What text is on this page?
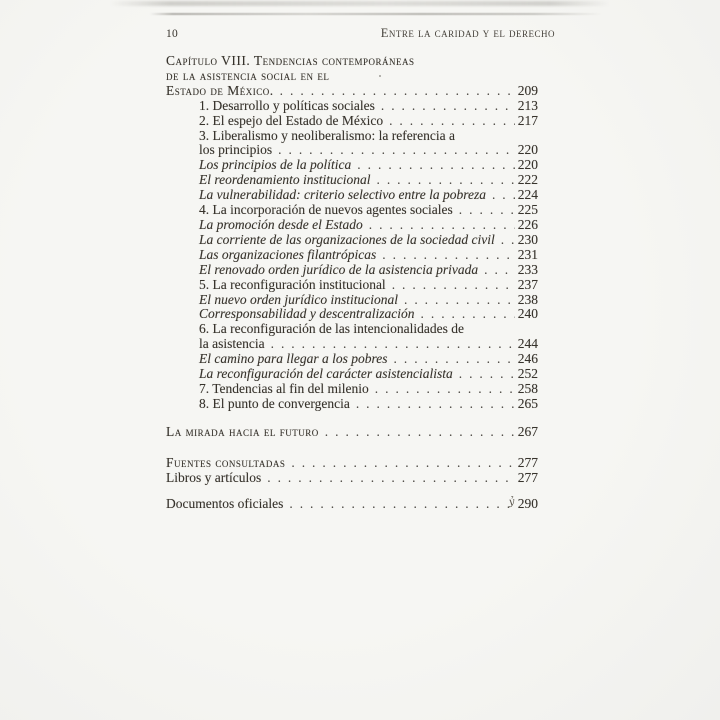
10	Entre la caridad y el derecho
Capítulo VIII. Tendencias contemporáneas
de la asistencia social en el
Estado de México. . . .	209
1. Desarrollo y políticas sociales . . .	213
2. El espejo del Estado de México . . .	217
3. Liberalismo y neoliberalismo: la referencia a
los principios . . .	220
Los principios de la política . . .	220
El reordenamiento institucional . . .	222
La vulnerabilidad: criterio selectivo entre la pobreza . . . 224
4. La incorporación de nuevos agentes sociales . . .	225
La promoción desde el Estado . . .	226
La corriente de las organizaciones de la sociedad civil . . . 230
Las organizaciones filantrópicas . . .	231
El renovado orden jurídico de la asistencia privada . . .	233
5. La reconfiguración institucional . . .	237
El nuevo orden jurídico institucional . . .	238
Corresponsabilidad y descentralización . . .	240
6. La reconfiguración de las intencionalidades de
la asistencia . . .	244
El camino para llegar a los pobres . . .	246
La reconfiguración del carácter asistencialista . . .	252
7. Tendencias al fin del milenio . . .	258
8. El punto de convergencia . . .	265
La mirada hacia el futuro . . .	267
Fuentes consultadas . . .	277
Libros y artículos . . .	277
Documentos oficiales . . .	ỷ 290
